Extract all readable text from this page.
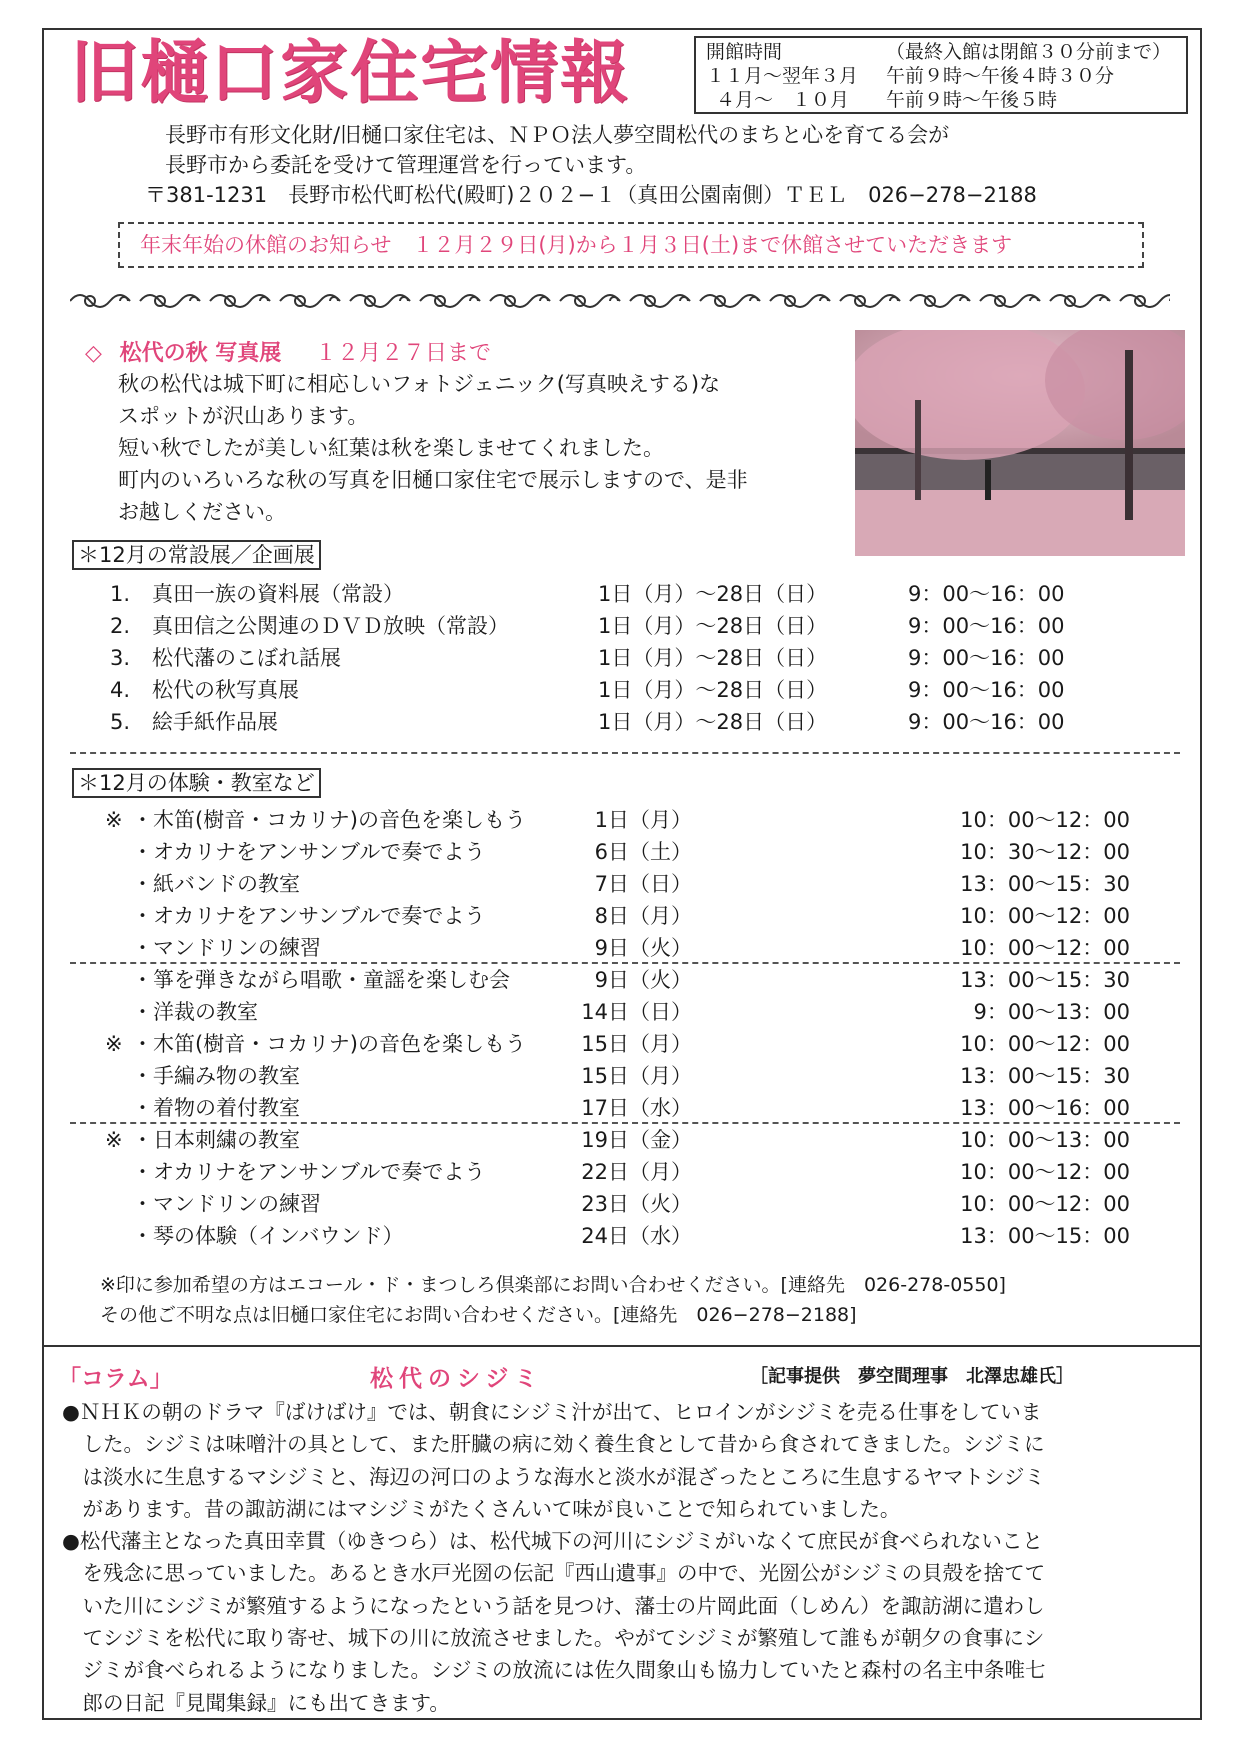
旧樋口家住宅情報	開館時間	（最終入館は閉館３０分前まで）
１１月～翌年３月	午前９時～午後４時３０分
４月～　１０月	午前９時～午後５時
長野市有形文化財/旧樋口家住宅は、ＮＰＯ法人夢空間松代のまちと心を育てる会が
長野市から委託を受けて管理運営を行っています。
〒381-1231　長野市松代町松代(殿町)２０２−１（真田公園南側）ＴＥＬ　026−278−2188
年末年始の休館のお知らせ　１２月２９日(月)から１月３日(土)まで休館させていただきます
◇ 松代の秋 写真展 １２月２７日まで

秋の松代は城下町に相応しいフォトジェニック(写真映えする)な

スポットが沢山あります。

短い秋でしたが美しい紅葉は秋を楽しませてくれました。

町内のいろいろな秋の写真を旧樋口家住宅で展示しますので、是非

お越しください。

＊12月の常設展／企画展
1. 真田一族の資料展（常設）	1日（月）～28日（日）	9：00～16：00
2. 真田信之公関連のＤＶＤ放映（常設）	1日（月）～28日（日）	9：00～16：00
3. 松代藩のこぼれ話展	1日（月）～28日（日）	9：00～16：00
4. 松代の秋写真展	1日（月）～28日（日）	9：00～16：00
5. 絵手紙作品展	1日（月）～28日（日）	9：00～16：00
＊12月の体験・教室など
※ ・木笛(樹音・コカリナ)の音色を楽しもう	1日（月）	10：00～12：00
・オカリナをアンサンブルで奏でよう	6日（土）	10：30～12：00
・紙バンドの教室	7日（日）	13：00～15：30
・オカリナをアンサンブルで奏でよう	8日（月）	10：00～12：00
・マンドリンの練習	9日（火）	10：00～12：00
・箏を弾きながら唱歌・童謡を楽しむ会	9日（火）	13：00～15：30
・洋裁の教室	14日（日）	9：00～13：00
※ ・木笛(樹音・コカリナ)の音色を楽しもう	15日（月）	10：00～12：00
・手編み物の教室	15日（月）	13：00～15：30
・着物の着付教室	17日（水）	13：00～16：00
※ ・日本刺繍の教室	19日（金）	10：00～13：00
・オカリナをアンサンブルで奏でよう	22日（月）	10：00～12：00
・マンドリンの練習	23日（火）	10：00～12：00
・琴の体験（インバウンド）	24日（水）	13：00～15：00
※印に参加希望の方はエコール・ド・まつしろ倶楽部にお問い合わせください。[連絡先　026-278-0550]
その他ご不明な点は旧樋口家住宅にお問い合わせください。[連絡先　026−278−2188]
「コラム」	松代のシジミ	［記事提供　夢空間理事　北澤忠雄氏］

●ＮＨＫの朝のドラマ『ばけばけ』では、朝食にシジミ汁が出て、ヒロインがシジミを売る仕事をしていま

　した。シジミは味噌汁の具として、また肝臓の病に効く養生食として昔から食されてきました。シジミに

　は淡水に生息するマシジミと、海辺の河口のような海水と淡水が混ざったところに生息するヤマトシジミ

　があります。昔の諏訪湖にはマシジミがたくさんいて味が良いことで知られていました。

●松代藩主となった真田幸貫（ゆきつら）は、松代城下の河川にシジミがいなくて庶民が食べられないこと

　を残念に思っていました。あるとき水戸光圀の伝記『西山遺事』の中で、光圀公がシジミの貝殻を捨てて

　いた川にシジミが繁殖するようになったという話を見つけ、藩士の片岡此面（しめん）を諏訪湖に遣わし

　てシジミを松代に取り寄せ、城下の川に放流させました。やがてシジミが繁殖して誰もが朝夕の食事にシ

　ジミが食べられるようになりました。シジミの放流には佐久間象山も協力していたと森村の名主中条唯七

　郎の日記『見聞集録』にも出てきます。
